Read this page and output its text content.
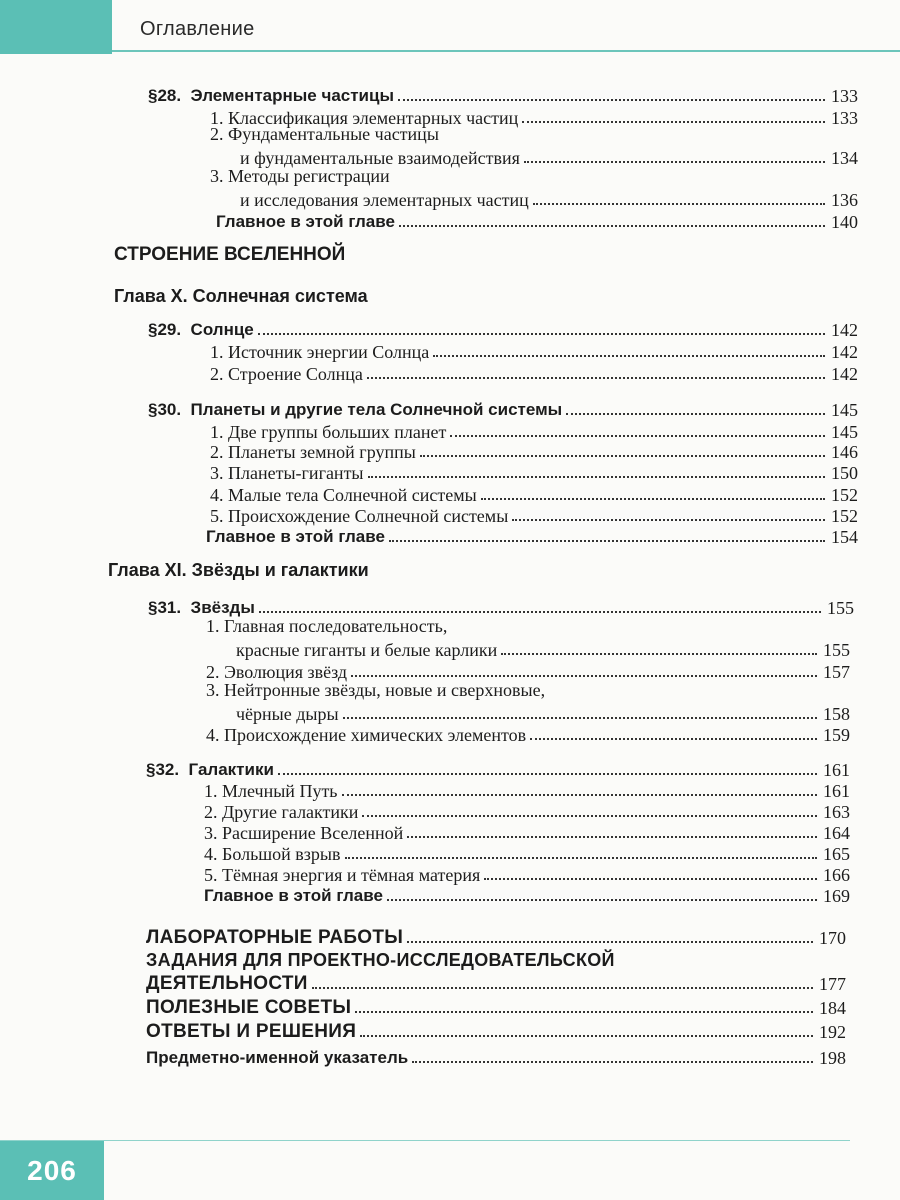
Оглавление
§28. Элементарные частицы	133
1. Классификация элементарных частиц	133
2. Фундаментальные частицы
и фундаментальные взаимодействия	134
3. Методы регистрации
и исследования элементарных частиц	136
Главное в этой главе	140
СТРОЕНИЕ ВСЕЛЕННОЙ
Глава X. Солнечная система
§29. Солнце	142
1. Источник энергии Солнца	142
2. Строение Солнца	142
§30. Планеты и другие тела Солнечной системы	145
1. Две группы больших планет	145
2. Планеты земной группы	146
3. Планеты-гиганты	150
4. Малые тела Солнечной системы	152
5. Происхождение Солнечной системы	152
Главное в этой главе	154
Глава XI. Звёзды и галактики
§31. Звёзды	155
1. Главная последовательность,
красные гиганты и белые карлики	155
2. Эволюция звёзд	157
3. Нейтронные звёзды, новые и сверхновые,
чёрные дыры	158
4. Происхождение химических элементов	159
§32. Галактики	161
1. Млечный Путь	161
2. Другие галактики	163
3. Расширение Вселенной	164
4. Большой взрыв	165
5. Тёмная энергия и тёмная материя	166
Главное в этой главе	169
ЛАБОРАТОРНЫЕ РАБОТЫ	170
ЗАДАНИЯ ДЛЯ ПРОЕКТНО-ИССЛЕДОВАТЕЛЬСКОЙ
ДЕЯТЕЛЬНОСТИ	177
ПОЛЕЗНЫЕ СОВЕТЫ	184
ОТВЕТЫ И РЕШЕНИЯ	192
Предметно-именной указатель	198
206
